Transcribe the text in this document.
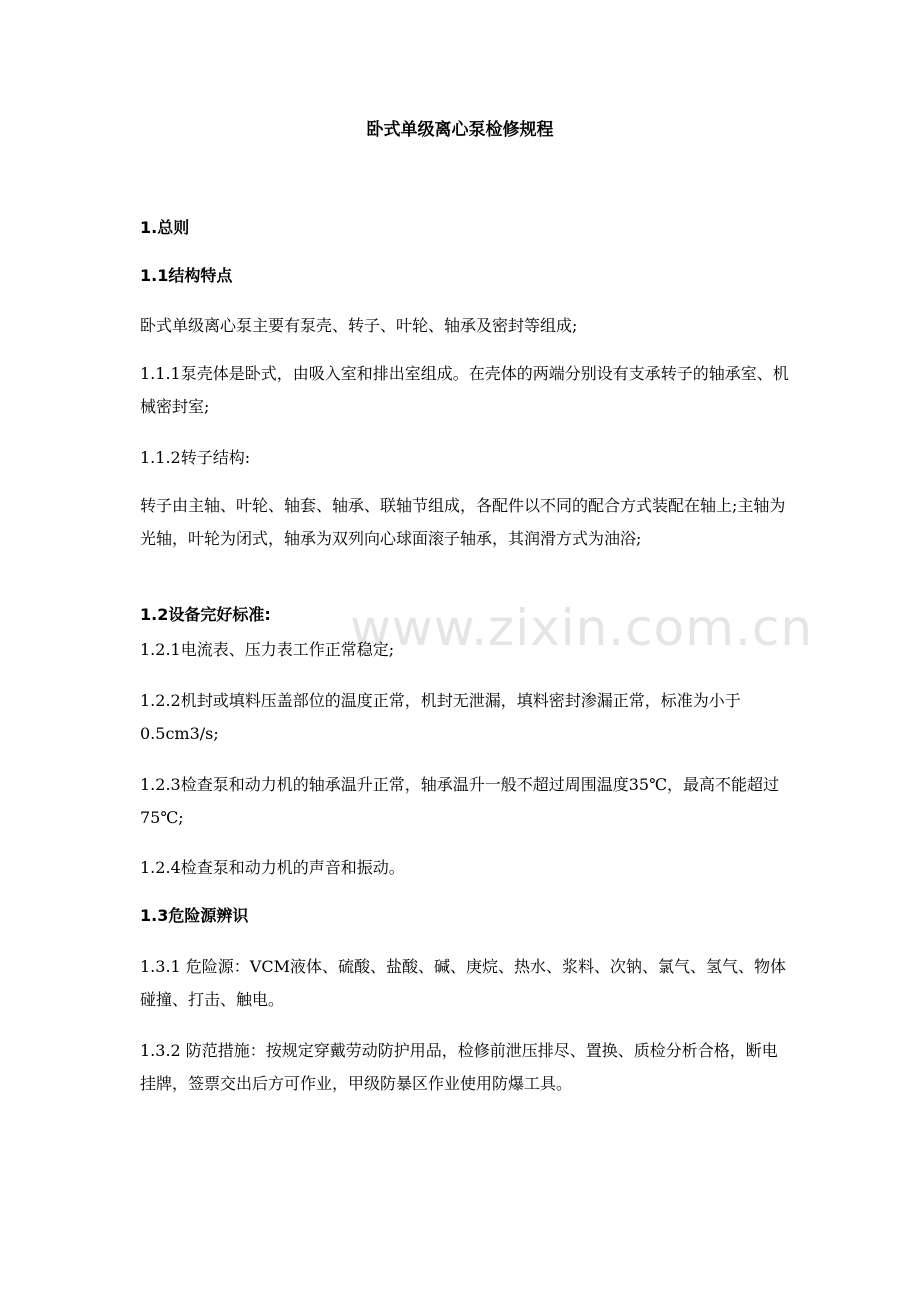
www.zixin.com.cn
卧式单级离心泵检修规程
1.总则
1.1结构特点
卧式单级离心泵主要有泵壳、转子、叶轮、轴承及密封等组成;
1.1.1泵壳体是卧式，由吸入室和排出室组成。在壳体的两端分别设有支承转子的轴承室、机械密封室;
1.1.2转子结构:
转子由主轴、叶轮、轴套、轴承、联轴节组成，各配件以不同的配合方式装配在轴上;主轴为光轴，叶轮为闭式，轴承为双列向心球面滚子轴承，其润滑方式为油浴;
1.2设备完好标准:
1.2.1电流表、压力表工作正常稳定;
1.2.2机封或填料压盖部位的温度正常，机封无泄漏，填料密封渗漏正常，标准为小于0.5cm3/s;
1.2.3检查泵和动力机的轴承温升正常，轴承温升一般不超过周围温度35℃，最高不能超过75℃;
1.2.4检查泵和动力机的声音和振动。
1.3危险源辨识
1.3.1 危险源：VCM液体、硫酸、盐酸、碱、庚烷、热水、浆料、次钠、氯气、氢气、物体碰撞、打击、触电。
1.3.2 防范措施：按规定穿戴劳动防护用品，检修前泄压排尽、置换、质检分析合格，断电挂牌，签票交出后方可作业，甲级防暴区作业使用防爆工具。
